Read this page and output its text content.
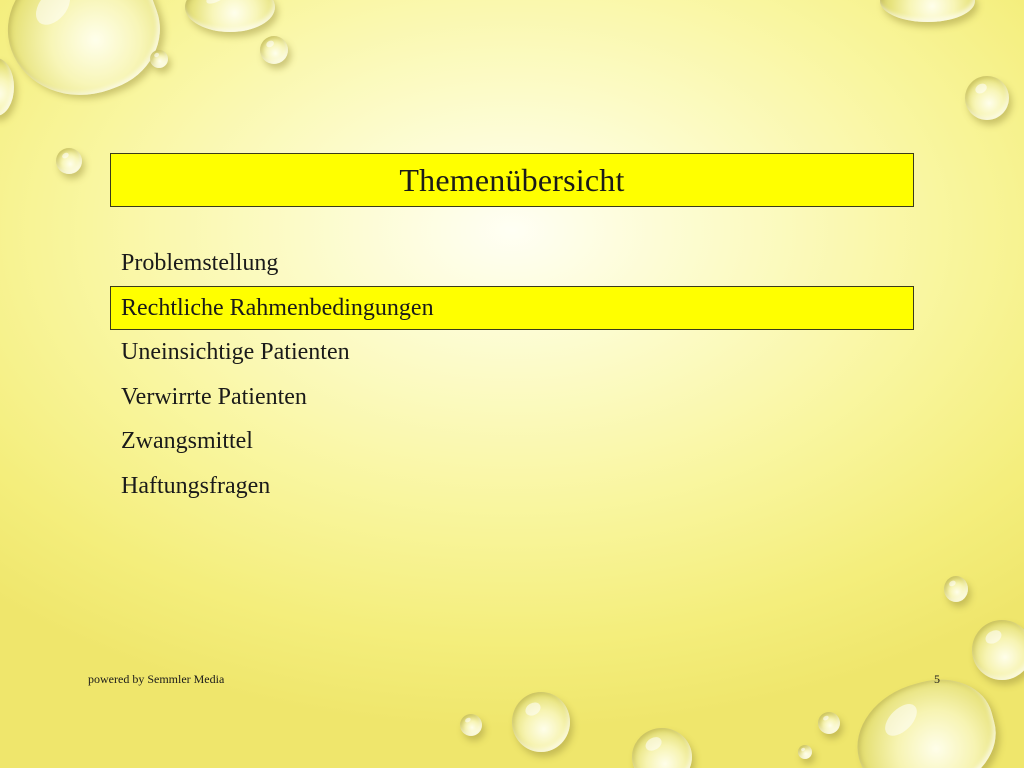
Themenübersicht
Problemstellung
Rechtliche Rahmenbedingungen
Uneinsichtige Patienten
Verwirrte Patienten
Zwangsmittel
Haftungsfragen
powered by Semmler Media	5
